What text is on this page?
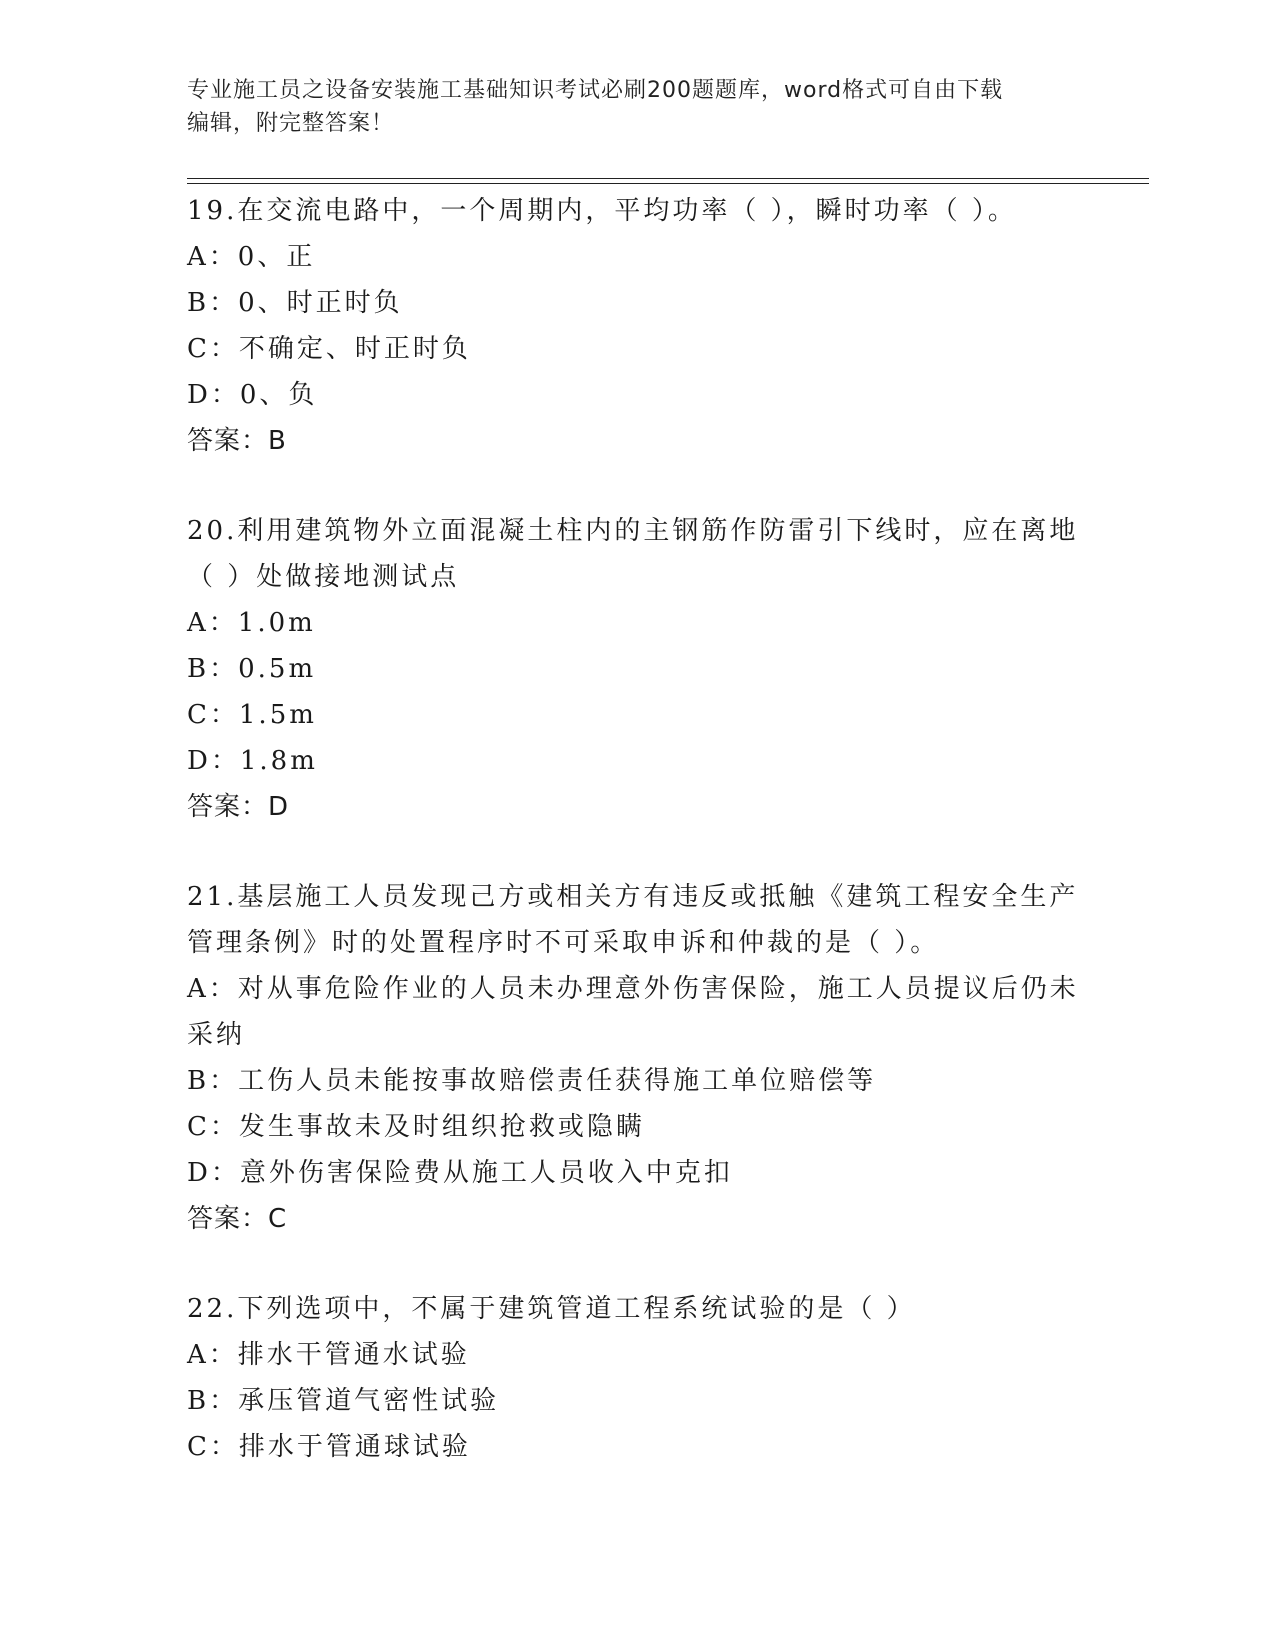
专业施工员之设备安装施工基础知识考试必刷200题题库，word格式可自由下载
编辑，附完整答案！
19.在交流电路中，一个周期内，平均功率（ ），瞬时功率（ ）。
A：0、正
B：0、时正时负
C：不确定、时正时负
D：0、负
答案：B
20.利用建筑物外立面混凝土柱内的主钢筋作防雷引下线时，应在离地
（ ）处做接地测试点
A：1.0m
B：0.5m
C：1.5m
D：1.8m
答案：D
21.基层施工人员发现己方或相关方有违反或抵触《建筑工程安全生产
管理条例》时的处置程序时不可采取申诉和仲裁的是（ ）。
A：对从事危险作业的人员未办理意外伤害保险，施工人员提议后仍未
采纳
B：工伤人员未能按事故赔偿责任获得施工单位赔偿等
C：发生事故未及时组织抢救或隐瞒
D：意外伤害保险费从施工人员收入中克扣
答案：C
22.下列选项中，不属于建筑管道工程系统试验的是（ ）
A：排水干管通水试验
B：承压管道气密性试验
C：排水于管通球试验
